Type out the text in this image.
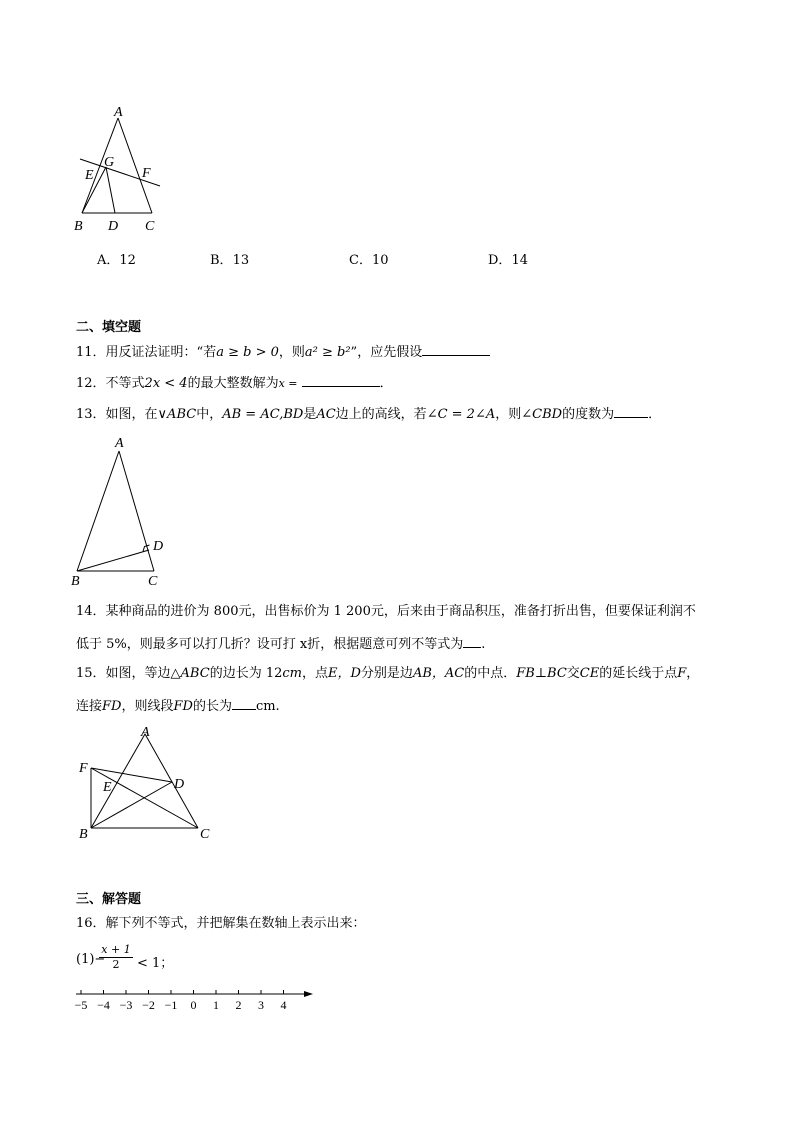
A
G
E	F
B D C
A．12	B．13	C．10	D．14
二、填空题
11．用反证法证明：“若a ≥ b > 0，则a² ≥ b²”，应先假设
12．不等式2x < 4的最大整数解为x =	．
13．如图，在∨ABC中，AB = AC,BD是AC边上的高线，若∠C = 2∠A，则∠CBD的度数为	．
A
D
B	C
14．某种商品的进价为 800元，出售标价为 1 200元，后来由于商品积压，准备打折出售，但要保证利润不
低于 5%，则最多可以打几折？设可打 x折，根据题意可列不等式为 .
15．如图，等边△ABC的边长为 12cm，点E，D分别是边AB，AC的中点．FB⊥BC交CE的延长线于点F，
连接FD，则线段FD的长为 cm.
A
F
E	D
B	C
三、解答题
16．解下列不等式，并把解集在数轴上表示出来：
(1)−
x + 1
2	< 1；
−5 −4 −3 −2 −1 0 1 2 3 4
